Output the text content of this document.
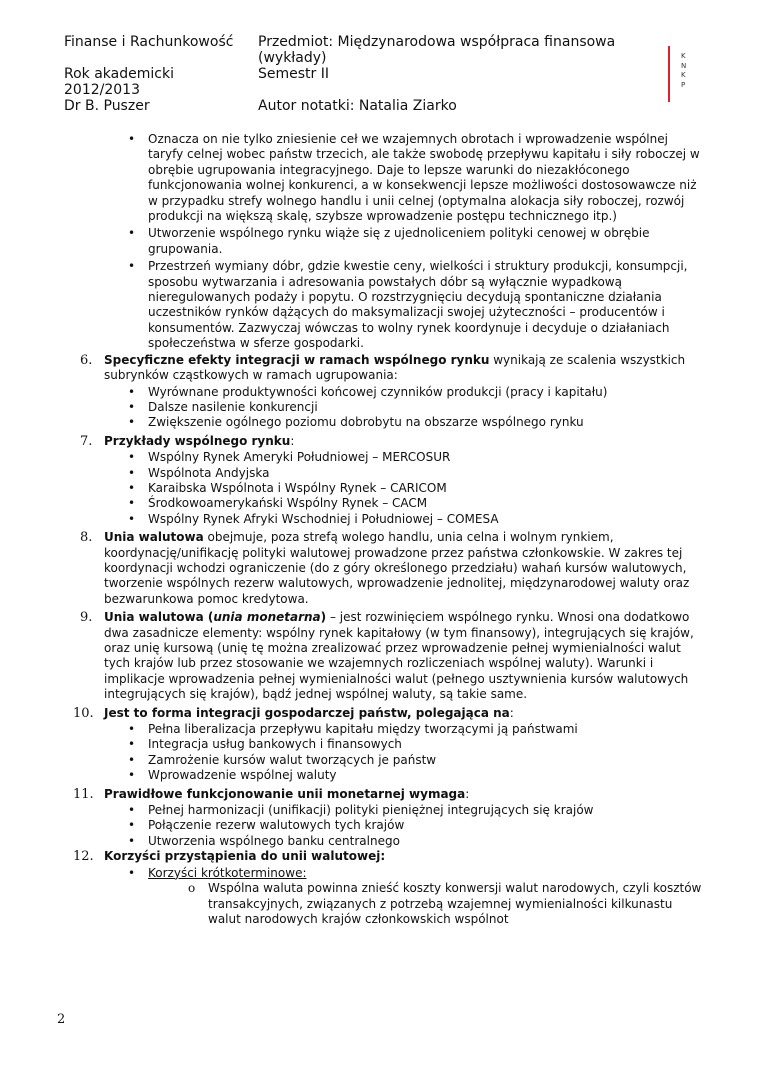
Finanse i Rachunkowość Przedmiot: Międzynarodowa współpraca finansowa
(wykłady)
Rok akademicki	Semestr II
2012/2013
Dr B. Puszer	Autor notatki: Natalia Ziarko
KNKP
• Oznacza on nie tylko zniesienie ceł we wzajemnych obrotach i wprowadzenie wspólnej taryfy celnej wobec państw trzecich, ale także swobodę przepływu kapitału i siły roboczej w obrębie ugrupowania integracyjnego. Daje to lepsze warunki do niezakłóconego funkcjonowania wolnej konkurenci, a w konsekwencji lepsze możliwości dostosowawcze niż w przypadku strefy wolnego handlu i unii celnej (optymalna alokacja siły roboczej, rozwój produkcji na większą skalę, szybsze wprowadzenie postępu technicznego itp.)
• Utworzenie wspólnego rynku wiąże się z ujednoliceniem polityki cenowej w obrębie grupowania.
• Przestrzeń wymiany dóbr, gdzie kwestie ceny, wielkości i struktury produkcji, konsumpcji, sposobu wytwarzania i adresowania powstałych dóbr są wyłącznie wypadkową nieregulowanych podaży i popytu. O rozstrzygnięciu decydują spontaniczne działania uczestników rynków dążących do maksymalizacji swojej użyteczności – producentów i konsumentów. Zazwyczaj wówczas to wolny rynek koordynuje i decyduje o działaniach społeczeństwa w sferze gospodarki.
6. Specyficzne efekty integracji w ramach wspólnego rynku wynikają ze scalenia wszystkich subrynków cząstkowych w ramach ugrupowania:
• Wyrównane produktywności końcowej czynników produkcji (pracy i kapitału)
• Dalsze nasilenie konkurencji
• Zwiększenie ogólnego poziomu dobrobytu na obszarze wspólnego rynku
7. Przykłady wspólnego rynku:
• Wspólny Rynek Ameryki Południowej – MERCOSUR
• Wspólnota Andyjska
• Karaibska Wspólnota i Wspólny Rynek – CARICOM
• Środkowoamerykański Wspólny Rynek – CACM
• Wspólny Rynek Afryki Wschodniej i Południowej – COMESA
8. Unia walutowa obejmuje, poza strefą wolego handlu, unia celna i wolnym rynkiem, koordynację/unifikację polityki walutowej prowadzone przez państwa członkowskie. W zakres tej koordynacji wchodzi ograniczenie (do z góry określonego przedziału) wahań kursów walutowych, tworzenie wspólnych rezerw walutowych, wprowadzenie jednolitej, międzynarodowej waluty oraz bezwarunkowa pomoc kredytowa.
9. Unia walutowa (unia monetarna) – jest rozwinięciem wspólnego rynku. Wnosi ona dodatkowo dwa zasadnicze elementy: wspólny rynek kapitałowy (w tym finansowy), integrujących się krajów, oraz unię kursową (unię tę można zrealizować przez wprowadzenie pełnej wymienialności walut tych krajów lub przez stosowanie we wzajemnych rozliczeniach wspólnej waluty). Warunki i implikacje wprowadzenia pełnej wymienialności walut (pełnego usztywnienia kursów walutowych integrujących się krajów), bądź jednej wspólnej waluty, są takie same.
10. Jest to forma integracji gospodarczej państw, polegająca na:
• Pełna liberalizacja przepływu kapitału między tworzącymi ją państwami
• Integracja usług bankowych i finansowych
• Zamrożenie kursów walut tworzących je państw
• Wprowadzenie wspólnej waluty
11. Prawidłowe funkcjonowanie unii monetarnej wymaga:
• Pełnej harmonizacji (unifikacji) polityki pieniężnej integrujących się krajów
• Połączenie rezerw walutowych tych krajów
• Utworzenia wspólnego banku centralnego
12. Korzyści przystąpienia do unii walutowej:
• Korzyści krótkoterminowe:
o Wspólna waluta powinna znieść koszty konwersji walut narodowych, czyli kosztów transakcyjnych, związanych z potrzebą wzajemnej wymienialności kilkunastu walut narodowych krajów członkowskich wspólnot
2
